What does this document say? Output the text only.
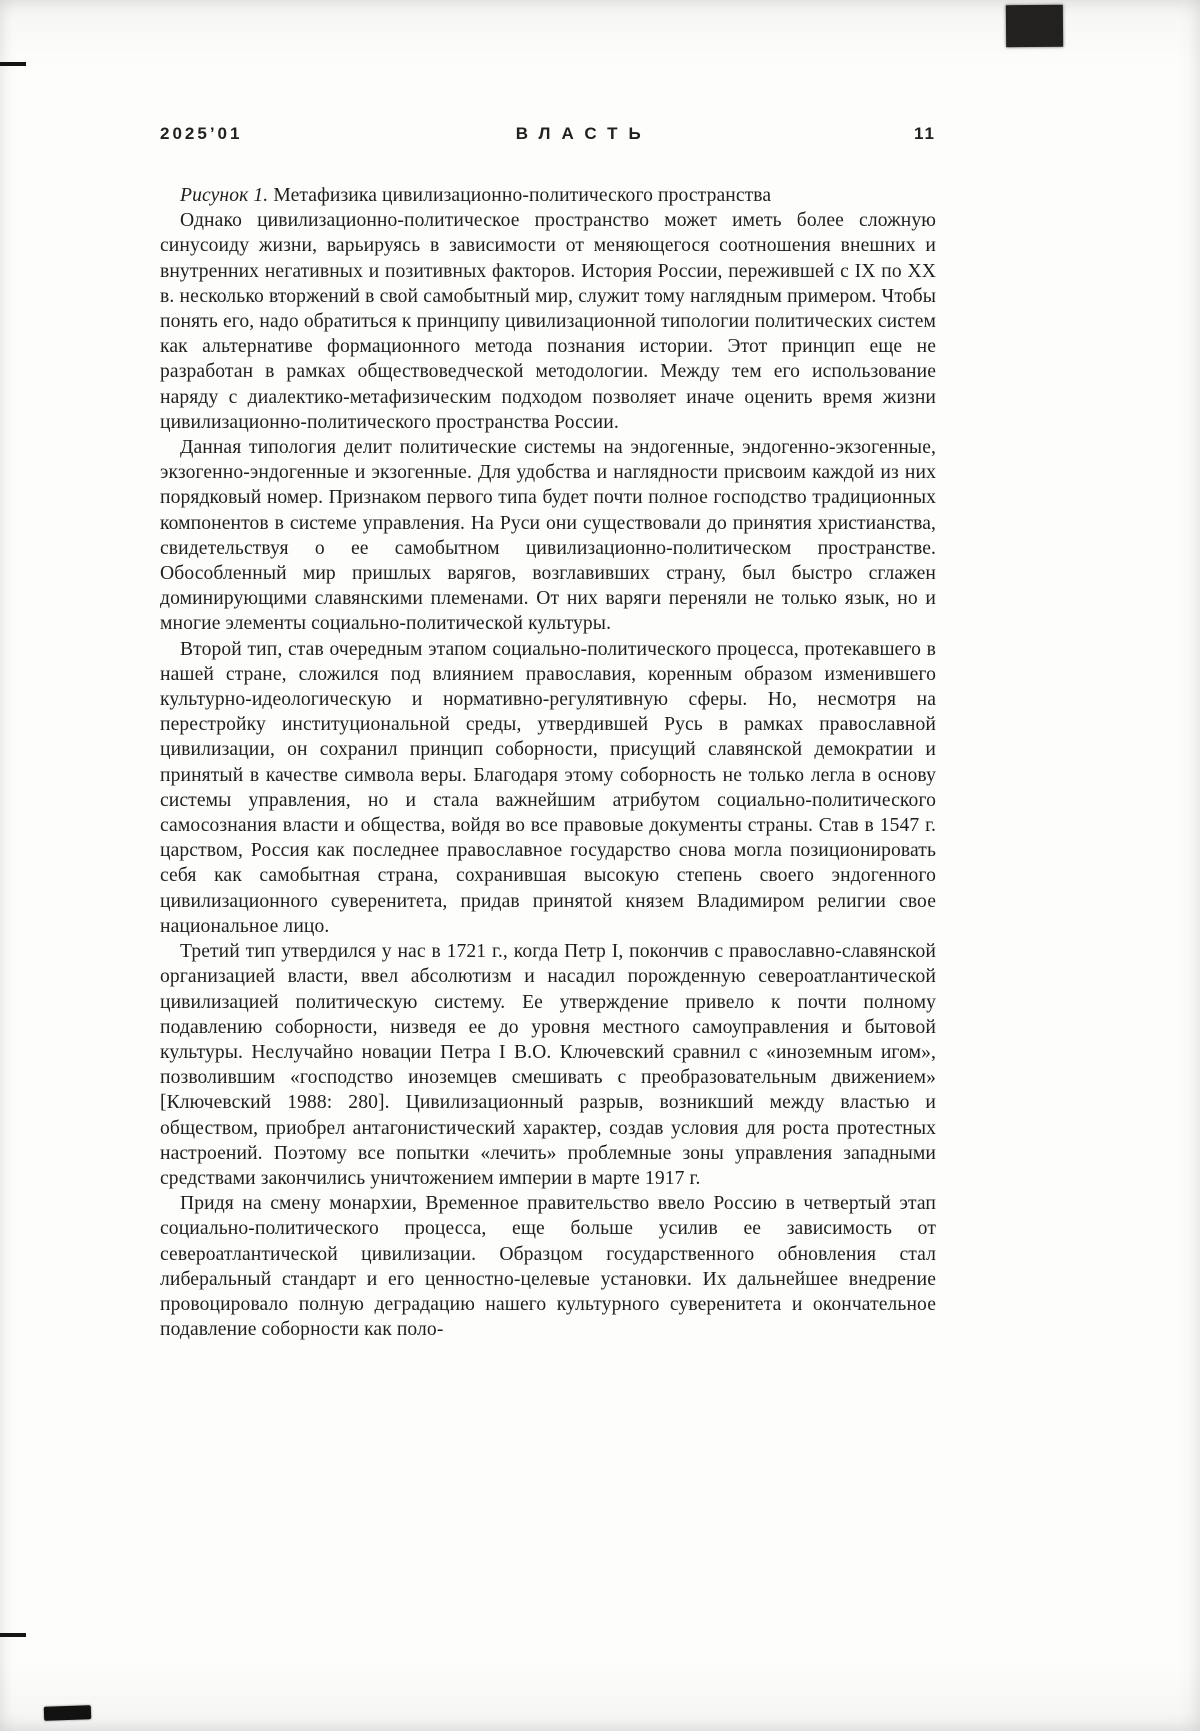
2025’01	ВЛАСТЬ	11

Рисунок 1. Метафизика цивилизационно-политического пространства

Однако цивилизационно-политическое пространство может иметь более сложную синусоиду жизни, варьируясь в зависимости от меняющегося соотношения внешних и внутренних негативных и позитивных факторов. История России, пережившей с IX по XX в. несколько вторжений в свой самобытный мир, служит тому наглядным примером. Чтобы понять его, надо обратиться к принципу цивилизационной типологии политических систем как альтернативе формационного метода познания истории. Этот принцип еще не разработан в рамках обществоведческой методологии. Между тем его использование наряду с диалектико-метафизическим подходом позволяет иначе оценить время жизни цивилизационно-политического пространства России.

Данная типология делит политические системы на эндогенные, эндогенно-экзогенные, экзогенно-эндогенные и экзогенные. Для удобства и наглядности присвоим каждой из них порядковый номер. Признаком первого типа будет почти полное господство традиционных компонентов в системе управления. На Руси они существовали до принятия христианства, свидетельствуя о ее самобытном цивилизационно-политическом пространстве. Обособленный мир пришлых варягов, возглавивших страну, был быстро сглажен доминирующими славянскими племенами. От них варяги переняли не только язык, но и многие элементы социально-политической культуры.

Второй тип, став очередным этапом социально-политического процесса, протекавшего в нашей стране, сложился под влиянием православия, коренным образом изменившего культурно-идеологическую и нормативно-регулятивную сферы. Но, несмотря на перестройку институциональной среды, утвердившей Русь в рамках православной цивилизации, он сохранил принцип соборности, присущий славянской демократии и принятый в качестве символа веры. Благодаря этому соборность не только легла в основу системы управления, но и стала важнейшим атрибутом социально-политического самосознания власти и общества, войдя во все правовые документы страны. Став в 1547 г. царством, Россия как последнее православное государство снова могла позиционировать себя как самобытная страна, сохранившая высокую степень своего эндогенного цивилизационного суверенитета, придав принятой князем Владимиром религии свое национальное лицо.

Третий тип утвердился у нас в 1721 г., когда Петр I, покончив с православно-славянской организацией власти, ввел абсолютизм и насадил порожденную североатлантической цивилизацией политическую систему. Ее утверждение привело к почти полному подавлению соборности, низведя ее до уровня местного самоуправления и бытовой культуры. Неслучайно новации Петра I В.О. Ключевский сравнил с «иноземным игом», позволившим «господство иноземцев смешивать с преобразовательным движением» [Ключевский 1988: 280]. Цивилизационный разрыв, возникший между властью и обществом, приобрел антагонистический характер, создав условия для роста протестных настроений. Поэтому все попытки «лечить» проблемные зоны управления западными средствами закончились уничтожением империи в марте 1917 г.

Придя на смену монархии, Временное правительство ввело Россию в четвертый этап социально-политического процесса, еще больше усилив ее зависимость от североатлантической цивилизации. Образцом государственного обновления стал либеральный стандарт и его ценностно-целевые установки. Их дальнейшее внедрение провоцировало полную деградацию нашего культурного суверенитета и окончательное подавление соборности как поло-
